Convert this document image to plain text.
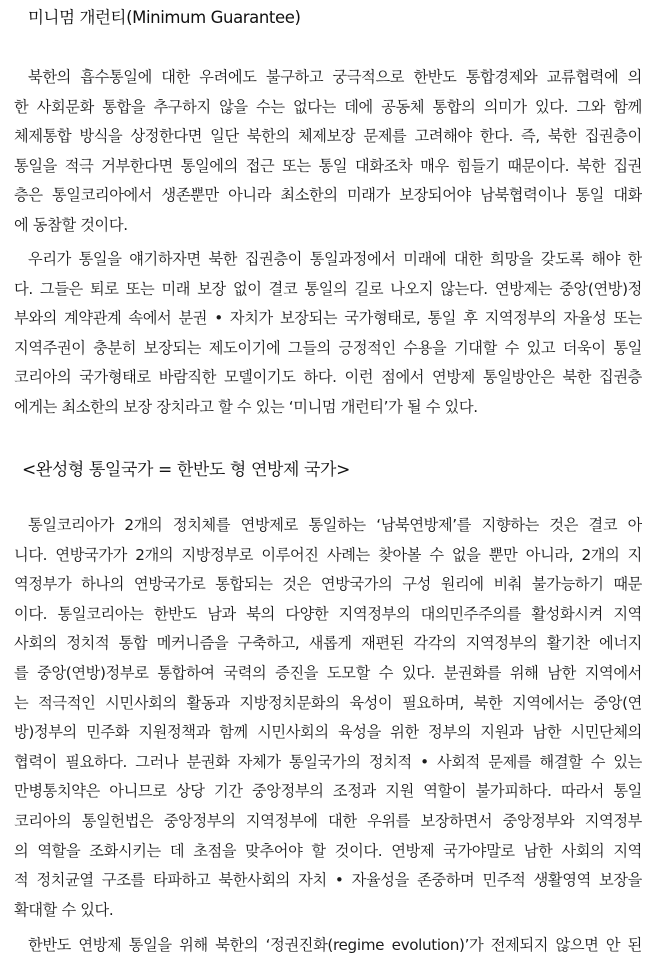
미니멈 개런티(Minimum Guarantee)
북한의 흡수통일에 대한 우려에도 불구하고 궁극적으로 한반도 통합경제와 교류협력에 의
한 사회문화 통합을 추구하지 않을 수는 없다는 데에 공동체 통합의 의미가 있다. 그와 함께
체제통합 방식을 상정한다면 일단 북한의 체제보장 문제를 고려해야 한다. 즉, 북한 집권층이
통일을 적극 거부한다면 통일에의 접근 또는 통일 대화조차 매우 힘들기 때문이다. 북한 집권
층은 통일코리아에서 생존뿐만 아니라 최소한의 미래가 보장되어야 남북협력이나 통일 대화
에 동참할 것이다.
우리가 통일을 얘기하자면 북한 집권층이 통일과정에서 미래에 대한 희망을 갖도록 해야 한
다. 그들은 퇴로 또는 미래 보장 없이 결코 통일의 길로 나오지 않는다. 연방제는 중앙(연방)정
부와의 계약관계 속에서 분권 • 자치가 보장되는 국가형태로, 통일 후 지역정부의 자율성 또는
지역주권이 충분히 보장되는 제도이기에 그들의 긍정적인 수용을 기대할 수 있고 더욱이 통일
코리아의 국가형태로 바람직한 모델이기도 하다. 이런 점에서 연방제 통일방안은 북한 집권층
에게는 최소한의 보장 장치라고 할 수 있는 ‘미니멈 개런티’가 될 수 있다.
<완성형 통일국가 = 한반도 형 연방제 국가>
통일코리아가 2개의 정치체를 연방제로 통일하는 ‘남북연방제’를 지향하는 것은 결코 아
니다. 연방국가가 2개의 지방정부로 이루어진 사례는 찾아볼 수 없을 뿐만 아니라, 2개의 지
역정부가 하나의 연방국가로 통합되는 것은 연방국가의 구성 원리에 비춰 불가능하기 때문
이다. 통일코리아는 한반도 남과 북의 다양한 지역정부의 대의민주주의를 활성화시켜 지역
사회의 정치적 통합 메커니즘을 구축하고, 새롭게 재편된 각각의 지역정부의 활기찬 에너지
를 중앙(연방)정부로 통합하여 국력의 증진을 도모할 수 있다. 분권화를 위해 남한 지역에서
는 적극적인 시민사회의 활동과 지방정치문화의 육성이 필요하며, 북한 지역에서는 중앙(연
방)정부의 민주화 지원정책과 함께 시민사회의 육성을 위한 정부의 지원과 남한 시민단체의
협력이 필요하다. 그러나 분권화 자체가 통일국가의 정치적 • 사회적 문제를 해결할 수 있는
만병통치약은 아니므로 상당 기간 중앙정부의 조정과 지원 역할이 불가피하다. 따라서 통일
코리아의 통일헌법은 중앙정부의 지역정부에 대한 우위를 보장하면서 중앙정부와 지역정부
의 역할을 조화시키는 데 초점을 맞추어야 할 것이다. 연방제 국가야말로 남한 사회의 지역
적 정치균열 구조를 타파하고 북한사회의 자치 • 자율성을 존중하며 민주적 생활영역 보장을
확대할 수 있다.
한반도 연방제 통일을 위해 북한의 ‘정권진화(regime evolution)’가 전제되지 않으면 안 된
